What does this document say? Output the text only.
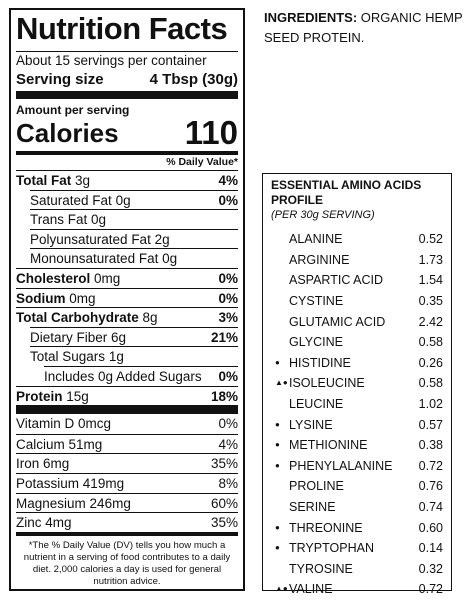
Nutrition Facts
About 15 servings per container
Serving size	4 Tbsp (30g)
Amount per serving
Calories 110
% Daily Value*
Total Fat 3g	4%
Saturated Fat 0g	0%
Trans Fat 0g
Polyunsaturated Fat 2g
Monounsaturated Fat 0g
Cholesterol 0mg	0%
Sodium 0mg	0%
Total Carbohydrate 8g	3%
Dietary Fiber 6g	21%
Total Sugars 1g
Includes 0g Added Sugars 0%
Protein 15g	18%
Vitamin D 0mcg	0%
Calcium 51mg	4%
Iron 6mg	35%
Potassium 419mg	8%
Magnesium 246mg	60%
Zinc 4mg	35%
*The % Daily Value (DV) tells you how much a nutrient in a serving of food contributes to a daily diet. 2,000 calories a day is used for general nutrition advice.
INGREDIENTS: ORGANIC HEMP SEED PROTEIN.
ESSENTIAL AMINO ACIDS PROFILE
(PER 30g SERVING)
ALANINE	0.52
ARGININE	1.73
ASPARTIC ACID	1.54
CYSTINE	0.35
GLUTAMIC ACID	2.42
GLYCINE	0.58
● HISTIDINE	0.26
▲● ISOLEUCINE	0.58
LEUCINE	1.02
● LYSINE	0.57
● METHIONINE	0.38
● PHENYLALANINE	0.72
PROLINE	0.76
SERINE	0.74
● THREONINE	0.60
● TRYPTOPHAN	0.14
TYROSINE	0.32
▲● VALINE	0.72
